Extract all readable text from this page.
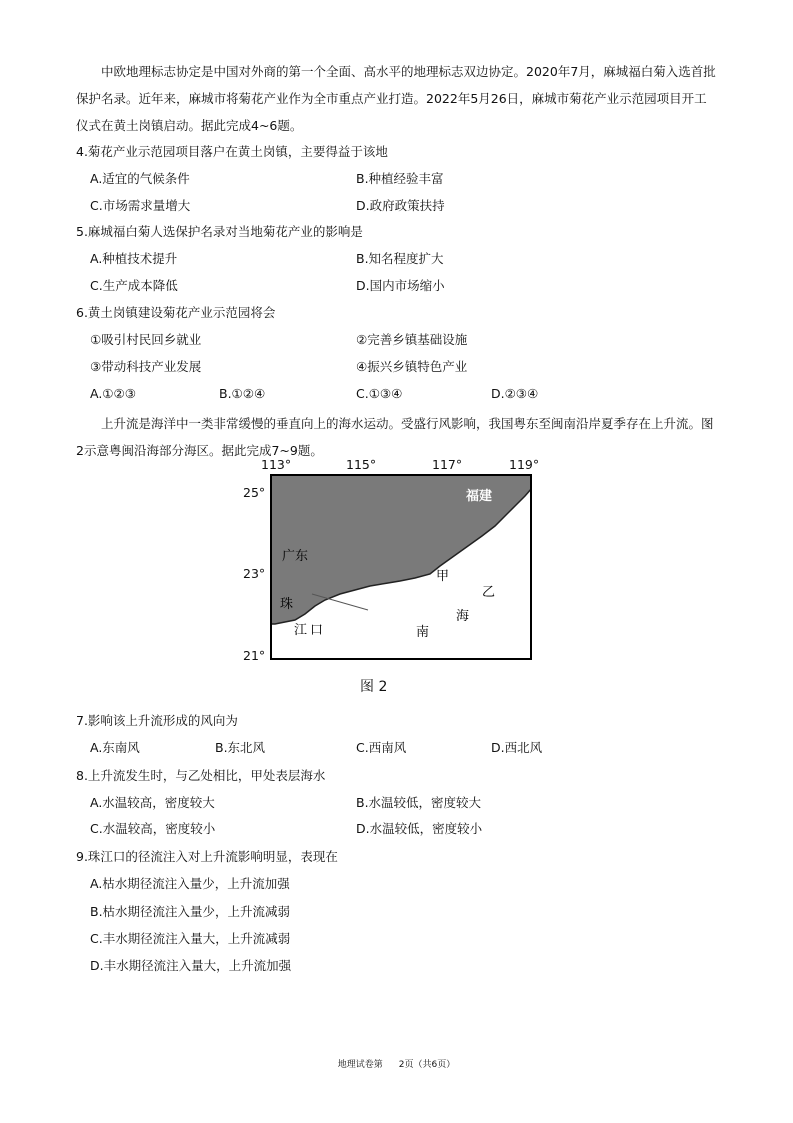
中欧地理标志协定是中国对外商的第一个全面、高水平的地理标志双边协定。2020年7月，麻城福白菊入选首批保护名录。近年来，麻城市将菊花产业作为全市重点产业打造。2022年5月26日，麻城市菊花产业示范园项目开工仪式在黄土岗镇启动。据此完成4~6题。
4.菊花产业示范园项目落户在黄土岗镇，主要得益于该地
A.适宜的气候条件	B.种植经验丰富
C.市场需求量增大	D.政府政策扶持
5.麻城福白菊人选保护名录对当地菊花产业的影响是
A.种植技术提升	B.知名程度扩大
C.生产成本降低	D.国内市场缩小
6.黄土岗镇建设菊花产业示范园将会
①吸引村民回乡就业	②完善乡镇基础设施
③带动科技产业发展	④振兴乡镇特色产业
A.①②③	B.①②④	C.①③④	D.②③④
上升流是海洋中一类非常缓慢的垂直向上的海水运动。受盛行风影响，我国粤东至闽南沿岸夏季存在上升流。图2示意粤闽沿海部分海区。据此完成7~9题。
福建
广东
珠
江 口
甲
乙
南
海
113°	115°	117°	119°
25°
23°
21°
图 2
7.影响该上升流形成的风向为
A.东南风	B.东北风	C.西南风	D.西北风
8.上升流发生时，与乙处相比，甲处表层海水
A.水温较高，密度较大	B.水温较低，密度较大
C.水温较高，密度较小	D.水温较低，密度较小
9.珠江口的径流注入对上升流影响明显，表现在
A.枯水期径流注入量少，上升流加强
B.枯水期径流注入量少，上升流减弱
C.丰水期径流注入量大，上升流减弱
D.丰水期径流注入量大，上升流加强
地理试卷第 2页（共6页）
